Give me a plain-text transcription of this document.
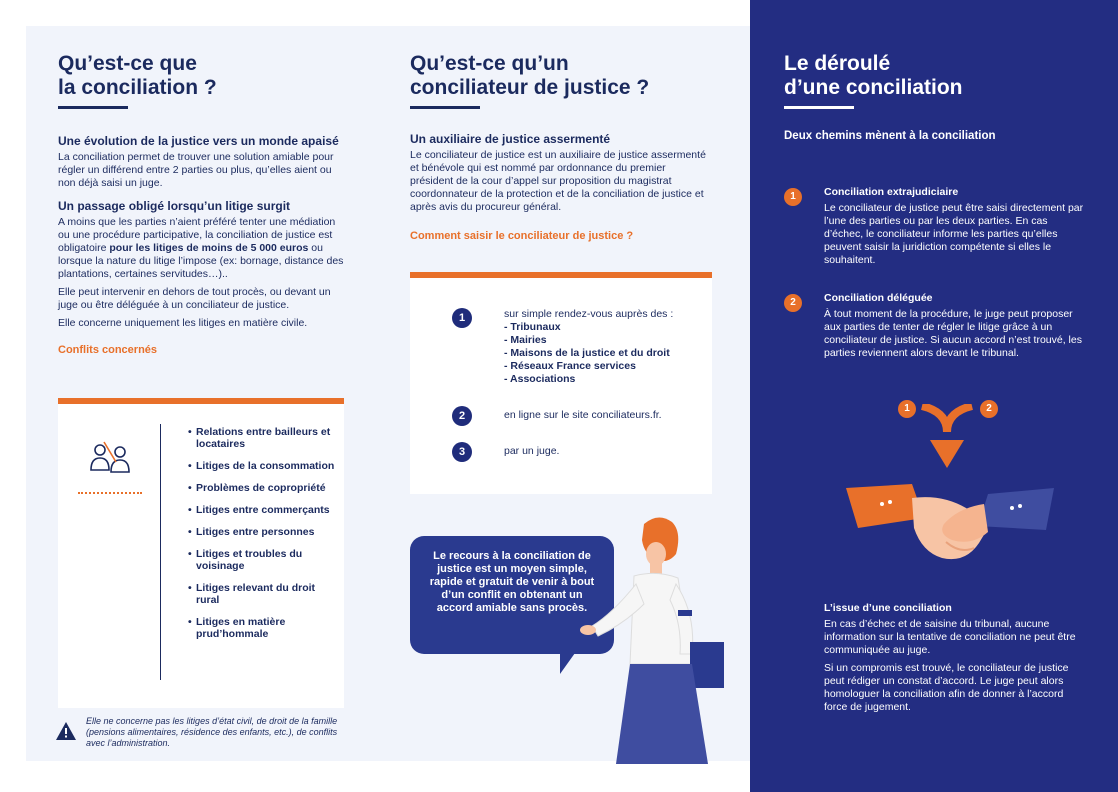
Qu’est-ce que
la conciliation ?

Une évolution de la justice vers un monde apaisé

La conciliation permet de trouver une solution amiable pour régler un différend entre 2 parties ou plus, qu’elles aient ou non déjà saisi un juge.

Un passage obligé lorsqu’un litige surgit

A moins que les parties n’aient préféré tenter une médiation ou une procédure participative, la conciliation de justice est obligatoire pour les litiges de moins de 5 000 euros ou lorsque la nature du litige l’impose (ex: bornage, distance des plantations, certaines servitudes…)..

Elle peut intervenir en dehors de tout procès, ou devant un juge ou être déléguée à un conciliateur de justice.

Elle concerne uniquement les litiges en matière civile.

Conflits concernés

• Relations entre bailleurs et locataires
• Litiges de la consommation
• Problèmes de copropriété
• Litiges entre commerçants
• Litiges entre personnes
• Litiges et troubles du voisinage
• Litiges relevant du droit rural
• Litiges en matière prud’hommale

Elle ne concerne pas les litiges d’état civil, de droit de la famille (pensions alimentaires, résidence des enfants, etc.), de conflits avec l’administration.

Qu’est-ce qu’un
conciliateur de justice ?

Un auxiliaire de justice assermenté

Le conciliateur de justice est un auxiliaire de justice assermenté et bénévole qui est nommé par ordonnance du premier président de la cour d’appel sur proposition du magistrat coordonnateur de la protection et de la conciliation de justice et après avis du procureur général.

Comment saisir le conciliateur de justice ?

1	sur simple rendez-vous auprès des :
- Tribunaux
- Mairies
- Maisons de la justice et du droit
- Réseaux France services
- Associations
2	en ligne sur le site conciliateurs.fr.
3	par un juge.
Le recours à la conciliation de justice est un moyen simple, rapide et gratuit de venir à bout d’un conflit en obtenant un accord amiable sans procès.
Le déroulé
d’une conciliation

Deux chemins mènent à la conciliation

1	Conciliation extrajudiciaire

Le conciliateur de justice peut être saisi directement par l’une des parties ou par les deux parties. En cas d’échec, le conciliateur informe les parties qu’elles peuvent saisir la juridiction compétente si elles le souhaitent.

2	Conciliation déléguée

À tout moment de la procédure, le juge peut proposer aux parties de tenter de régler le litige grâce à un conciliateur de justice. Si aucun accord n’est trouvé, les parties reviennent alors devant le tribunal.

1	2

L’issue d’une conciliation

En cas d’échec et de saisine du tribunal, aucune information sur la tentative de conciliation ne peut être communiquée au juge.

Si un compromis est trouvé, le conciliateur de justice peut rédiger un constat d’accord. Le juge peut alors homologuer la conciliation afin de donner à l’accord force de jugement.
